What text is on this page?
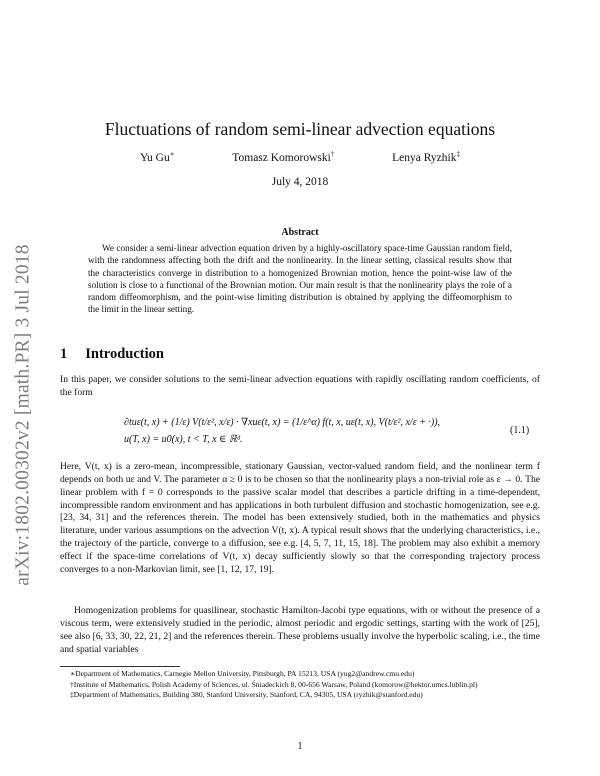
arXiv:1802.00302v2 [math.PR] 3 Jul 2018
Fluctuations of random semi-linear advection equations
Yu Gu∗	Tomasz Komorowski†	Lenya Ryzhik‡
July 4, 2018
Abstract

We consider a semi-linear advection equation driven by a highly-oscillatory space-time Gaussian random field, with the randomness affecting both the drift and the nonlinearity. In the linear setting, classical results show that the characteristics converge in distribution to a homogenized Brownian motion, hence the point-wise law of the solution is close to a functional of the Brownian motion. Our main result is that the nonlinearity plays the role of a random diffeomorphism, and the point-wise limiting distribution is obtained by applying the diffeomorphism to the limit in the linear setting.

1 Introduction

In this paper, we consider solutions to the semi-linear advection equations with rapidly oscillating random coefficients, of the form

∂tuε(t, x) + (1/ε) V(t/ε², x/ε) · ∇xuε(t, x) = (1/ε^α) f(t, x, uε(t, x), V(t/ε², x/ε + ·)),
u(T, x) = u0(x), t < T, x ∈ ℝᵈ.
(1.1)

Here, V(t, x) is a zero-mean, incompressible, stationary Gaussian, vector-valued random field, and the nonlinear term f depends on both uε and V. The parameter α ≥ 0 is to be chosen so that the nonlinearity plays a non-trivial role as ε → 0. The linear problem with f = 0 corresponds to the passive scalar model that describes a particle drifting in a time-dependent, incompressible random environment and has applications in both turbulent diffusion and stochastic homogenization, see e.g. [23, 34, 31] and the references therein. The model has been extensively studied, both in the mathematics and physics literature, under various assumptions on the advection V(t, x). A typical result shows that the underlying characteristics, i.e., the trajectory of the particle, converge to a diffusion, see e.g. [4, 5, 7, 11, 15, 18]. The problem may also exhibit a memory effect if the space-time correlations of V(t, x) decay sufficiently slowly so that the corresponding trajectory process converges to a non-Markovian limit, see [1, 12, 17, 19].

Homogenization problems for quasilinear, stochastic Hamilton-Jacobi type equations, with or without the presence of a viscous term, were extensively studied in the periodic, almost periodic and ergodic settings, starting with the work of [25], see also [6, 33, 30, 22, 21, 2] and the references therein. These problems usually involve the hyperbolic scaling, i.e., the time and spatial variables

∗Department of Mathematics, Carnegie Mellon University, Pittsburgh, PA 15213, USA (yug2@andrew.cmu.edu)

†Institute of Mathematics, Polish Academy of Sciences, ul. Śniadeckich 8, 00-656 Warsaw, Poland (komorow@hektor.umcs.lublin.pl)

‡Department of Mathematics, Building 380, Stanford University, Stanford, CA, 94305, USA (ryzhik@stanford.edu)

1
